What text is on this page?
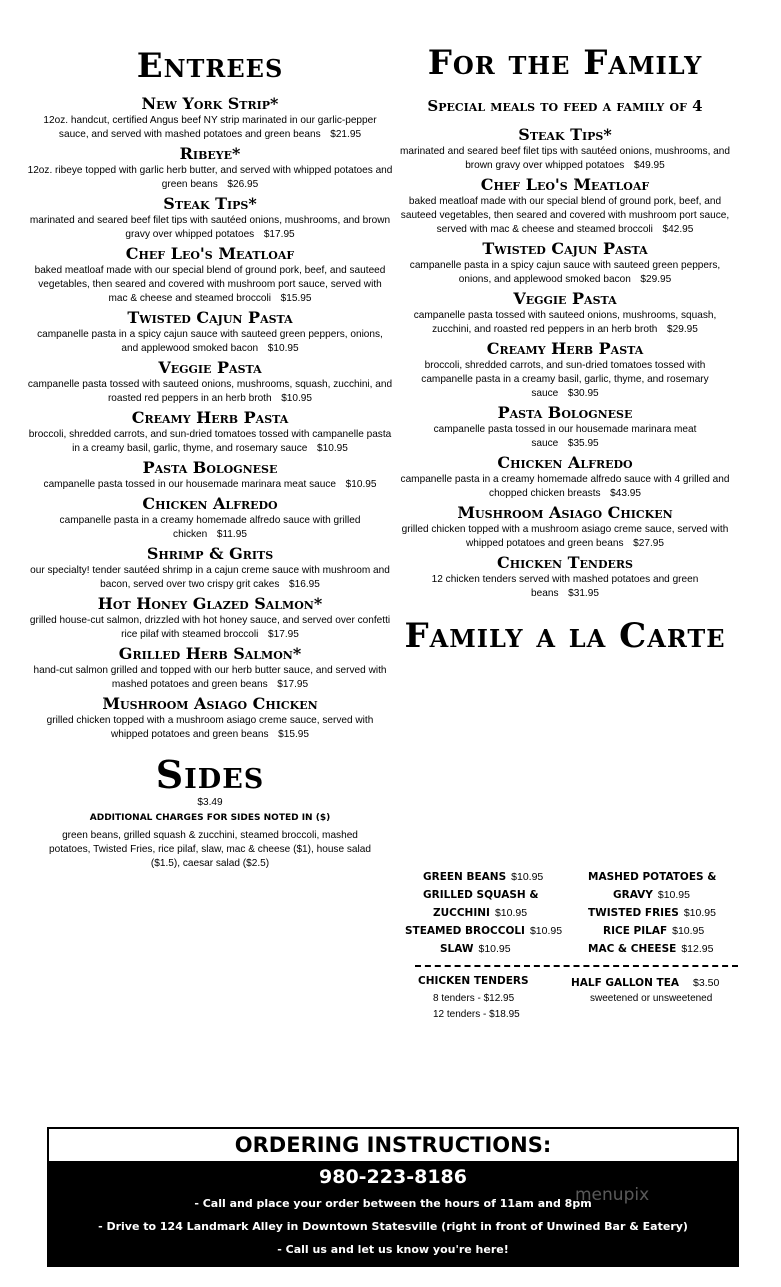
Entrees
New York Strip*
12oz. handcut, certified Angus beef NY strip marinated in our garlic-pepper sauce, and served with mashed potatoes and green beans $21.95
Ribeye*
12oz. ribeye topped with garlic herb butter, and served with whipped potatoes and green beans $26.95
Steak Tips*
marinated and seared beef filet tips with sautéed onions, mushrooms, and brown gravy over whipped potatoes $17.95
Chef Leo's Meatloaf
baked meatloaf made with our special blend of ground pork, beef, and sauteed vegetables, then seared and covered with mushroom port sauce, served with mac & cheese and steamed broccoli $15.95
Twisted Cajun Pasta
campanelle pasta in a spicy cajun sauce with sauteed green peppers, onions, and applewood smoked bacon $10.95
Veggie Pasta
campanelle pasta tossed with sauteed onions, mushrooms, squash, zucchini, and roasted red peppers in an herb broth $10.95
Creamy Herb Pasta
broccoli, shredded carrots, and sun-dried tomatoes tossed with campanelle pasta in a creamy basil, garlic, thyme, and rosemary sauce $10.95
Pasta Bolognese
campanelle pasta tossed in our housemade marinara meat sauce $10.95
Chicken Alfredo
campanelle pasta in a creamy homemade alfredo sauce with grilled chicken $11.95
Shrimp & Grits
our specialty! tender sautéed shrimp in a cajun creme sauce with mushroom and bacon, served over two crispy grit cakes $16.95
Hot Honey Glazed Salmon*
grilled house-cut salmon, drizzled with hot honey sauce, and served over confetti rice pilaf with steamed broccoli $17.95
Grilled Herb Salmon*
hand-cut salmon grilled and topped with our herb butter sauce, and served with mashed potatoes and green beans $17.95
Mushroom Asiago Chicken
grilled chicken topped with a mushroom asiago creme sauce, served with whipped potatoes and green beans $15.95
Sides
$3.49
ADDITIONAL CHARGES FOR SIDES NOTED IN ($)
green beans, grilled squash & zucchini, steamed broccoli, mashed potatoes, Twisted Fries, rice pilaf, slaw, mac & cheese ($1), house salad ($1.5), caesar salad ($2.5)
For the Family
Special meals to feed a family of 4
Steak Tips*
marinated and seared beef filet tips with sautéed onions, mushrooms, and brown gravy over whipped potatoes $49.95
Chef Leo's Meatloaf
baked meatloaf made with our special blend of ground pork, beef, and sauteed vegetables, then seared and covered with mushroom port sauce, served with mac & cheese and steamed broccoli $42.95
Twisted Cajun Pasta
campanelle pasta in a spicy cajun sauce with sauteed green peppers, onions, and applewood smoked bacon $29.95
Veggie Pasta
campanelle pasta tossed with sauteed onions, mushrooms, squash, zucchini, and roasted red peppers in an herb broth $29.95
Creamy Herb Pasta
broccoli, shredded carrots, and sun-dried tomatoes tossed with campanelle pasta in a creamy basil, garlic, thyme, and rosemary sauce $30.95
Pasta Bolognese
campanelle pasta tossed in our housemade marinara meat sauce $35.95
Chicken Alfredo
campanelle pasta in a creamy homemade alfredo sauce with 4 grilled and chopped chicken breasts $43.95
Mushroom Asiago Chicken
grilled chicken topped with a mushroom asiago creme sauce, served with whipped potatoes and green beans $27.95
Chicken Tenders
12 chicken tenders served with mashed potatoes and green beans $31.95
Family a la Carte
GREEN BEANS $10.95
GRILLED SQUASH &
ZUCCHINI $10.95
STEAMED BROCCOLI $10.95
SLAW $10.95
MASHED POTATOES &
GRAVY $10.95
TWISTED FRIES $10.95
RICE PILAF $10.95
MAC & CHEESE $12.95
CHICKEN TENDERS
8 tenders - $12.95
12 tenders - $18.95
HALF GALLON TEA $3.50
sweetened or unsweetened
ORDERING INSTRUCTIONS:
980-223-8186
- Call and place your order between the hours of 11am and 8pm
- Drive to 124 Landmark Alley in Downtown Statesville (right in front of Unwined Bar & Eatery)
- Call us and let us know you're here!
menupix
